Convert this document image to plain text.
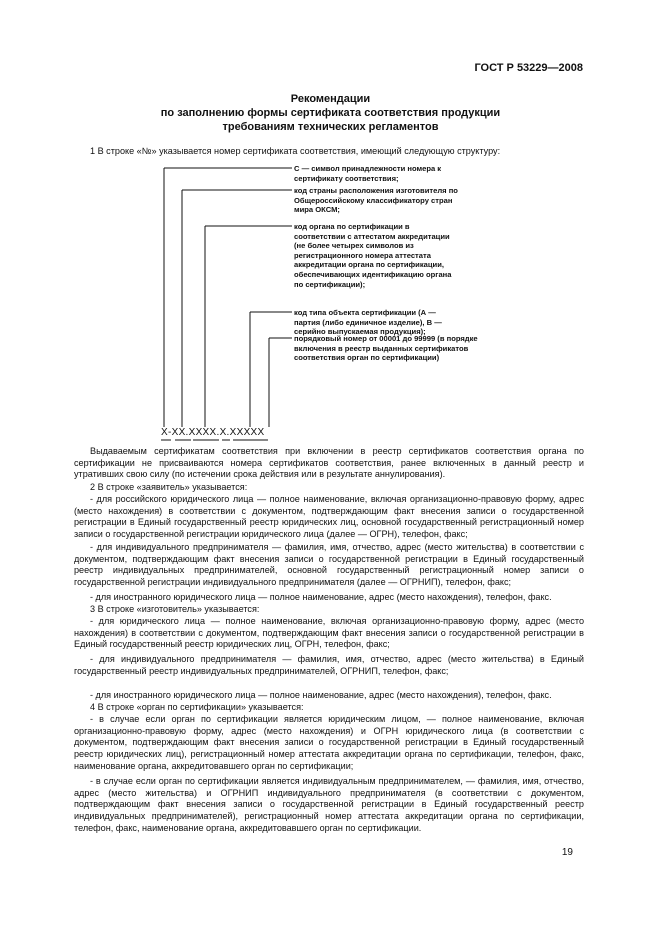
ГОСТ Р 53229—2008
Рекомендации
по заполнению формы сертификата соответствия продукции
требованиям технических регламентов

1 В строке «№» указывается номер сертификата соответствия, имеющий следующую структуру:

С — символ принадлежности номера к сертификату соответствия;
код страны расположения изготовителя по Общероссийскому классификатору стран мира ОКСМ;
код органа по сертификации в соответствии с аттестатом аккредитации (не более четырех символов из регистрационного номера аттестата аккредитации органа по сертификации, обеспечивающих идентификацию органа по сертификации);
код типа объекта сертификации (А — партия (либо единичное изделие), В — серийно выпускаемая продукция);
порядковый номер от 00001 до 99999 (в порядке включения в реестр выданных сертификатов соответствия орган по сертификации)
X-XX.XXXX.X.XXXXX

Выдаваемым сертификатам соответствия при включении в реестр сертификатов соответствия органа по сертификации не присваиваются номера сертификатов соответствия, ранее включенных в данный реестр и утративших свою силу (по истечении срока действия или в результате аннулирования).

2 В строке «заявитель» указывается:

- для российского юридического лица — полное наименование, включая организационно-правовую форму, адрес (место нахождения) в соответствии с документом, подтверждающим факт внесения записи о государственной регистрации в Единый государственный реестр юридических лиц, основной государственный регистрационный номер записи о государственной регистрации юридического лица (далее — ОГРН), телефон, факс;

- для индивидуального предпринимателя — фамилия, имя, отчество, адрес (место жительства) в соответствии с документом, подтверждающим факт внесения записи о государственной регистрации в Единый государственный реестр индивидуальных предпринимателей, основной государственный регистрационный номер записи о государственной регистрации индивидуального предпринимателя (далее — ОГРНИП), телефон, факс;

- для иностранного юридического лица — полное наименование, адрес (место нахождения), телефон, факс.

3 В строке «изготовитель» указывается:

- для юридического лица — полное наименование, включая организационно-правовую форму, адрес (место нахождения) в соответствии с документом, подтверждающим факт внесения записи о государственной регистрации в Единый государственный реестр юридических лиц, ОГРН, телефон, факс;

- для индивидуального предпринимателя — фамилия, имя, отчество, адрес (место жительства) в Единый государственный реестр индивидуальных предпринимателей, ОГРНИП, телефон, факс;

- для иностранного юридического лица — полное наименование, адрес (место нахождения), телефон, факс.

4 В строке «орган по сертификации» указывается:

- в случае если орган по сертификации является юридическим лицом, — полное наименование, включая организационно-правовую форму, адрес (место нахождения) и ОГРН юридического лица (в соответствии с документом, подтверждающим факт внесения записи о государственной регистрации в Единый государственный реестр юридических лиц), регистрационный номер аттестата аккредитации органа по сертификации, телефон, факс, наименование органа, аккредитовавшего орган по сертификации;

- в случае если орган по сертификации является индивидуальным предпринимателем, — фамилия, имя, отчество, адрес (место жительства) и ОГРНИП индивидуального предпринимателя (в соответствии с документом, подтверждающим факт внесения записи о государственной регистрации в Единый государственный реестр индивидуальных предпринимателей), регистрационный номер аттестата аккредитации органа по сертификации, телефон, факс, наименование органа, аккредитовавшего орган по сертификации.

19
